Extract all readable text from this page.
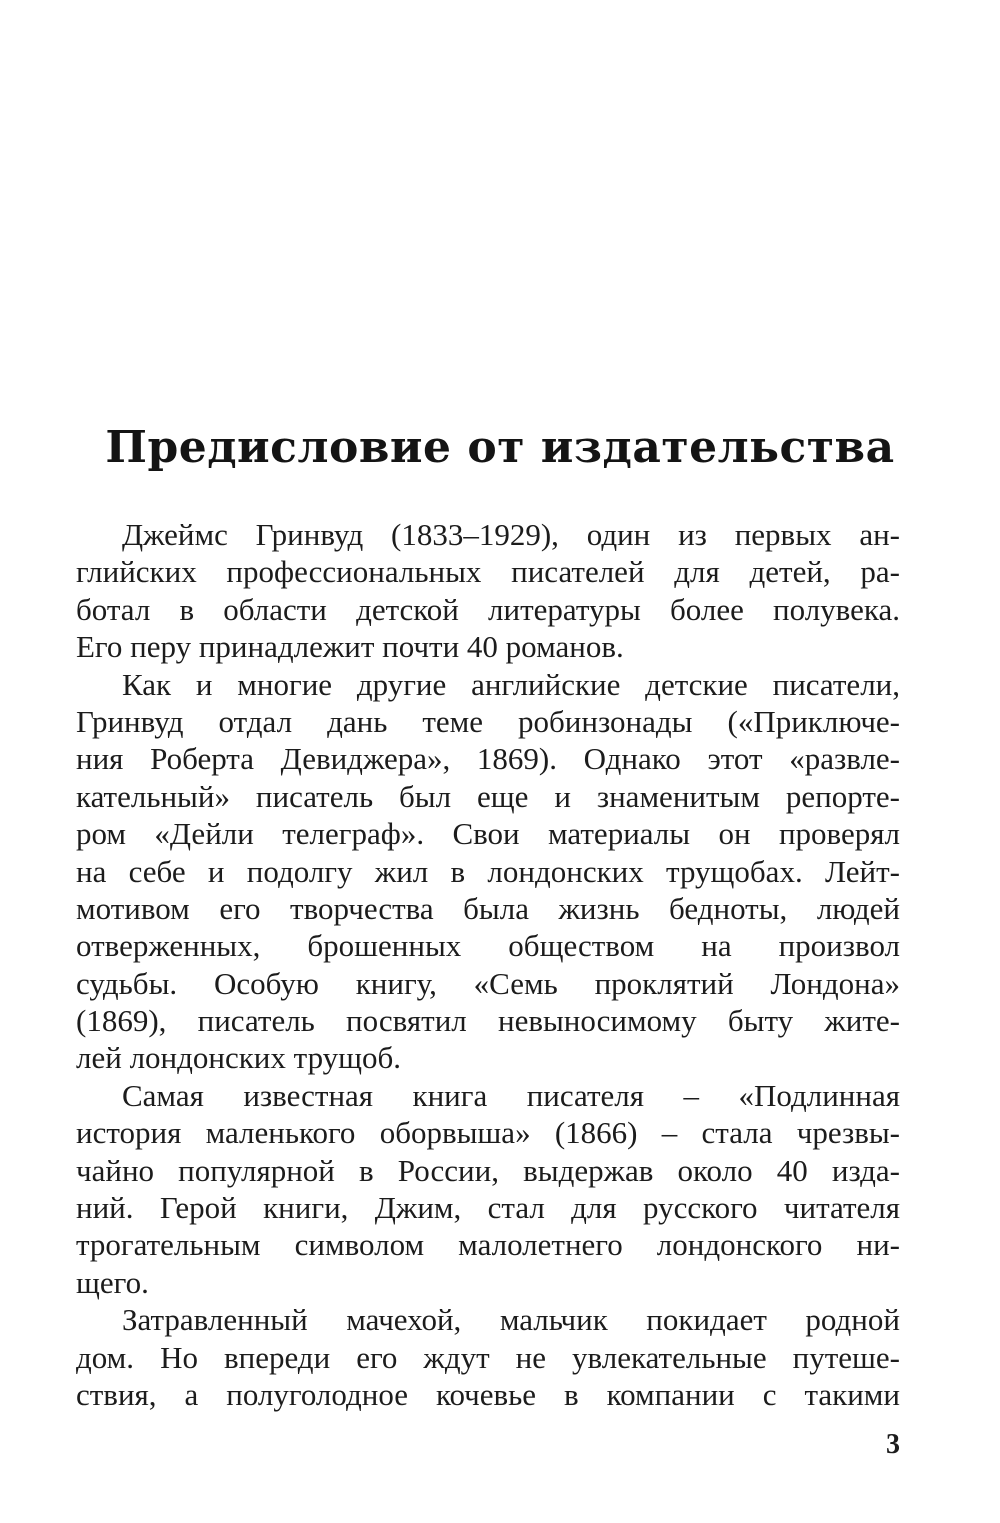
Предисловие от издательства

Джеймс Гринвуд (1833–1929), один из первых ан-
глийских профессиональных писателей для детей, ра-
ботал в области детской литературы более полувека.
Его перу принадлежит почти 40 романов.

Как и многие другие английские детские писатели,
Гринвуд отдал дань теме робинзонады («Приключе-
ния Роберта Девиджера», 1869). Однако этот «развле-
кательный» писатель был еще и знаменитым репорте-
ром «Дейли телеграф». Свои материалы он проверял
на себе и подолгу жил в лондонских трущобах. Лейт-
мотивом его творчества была жизнь бедноты, людей
отверженных, брошенных обществом на произвол
судьбы. Особую книгу, «Семь проклятий Лондона»
(1869), писатель посвятил невыносимому быту жите-
лей лондонских трущоб.

Самая известная книга писателя – «Подлинная
история маленького оборвыша» (1866) – стала чрезвы-
чайно популярной в России, выдержав около 40 изда-
ний. Герой книги, Джим, стал для русского читателя
трогательным символом малолетнего лондонского ни-
щего.

Затравленный мачехой, мальчик покидает родной
дом. Но впереди его ждут не увлекательные путеше-
ствия, а полуголодное кочевье в компании с такими

3
